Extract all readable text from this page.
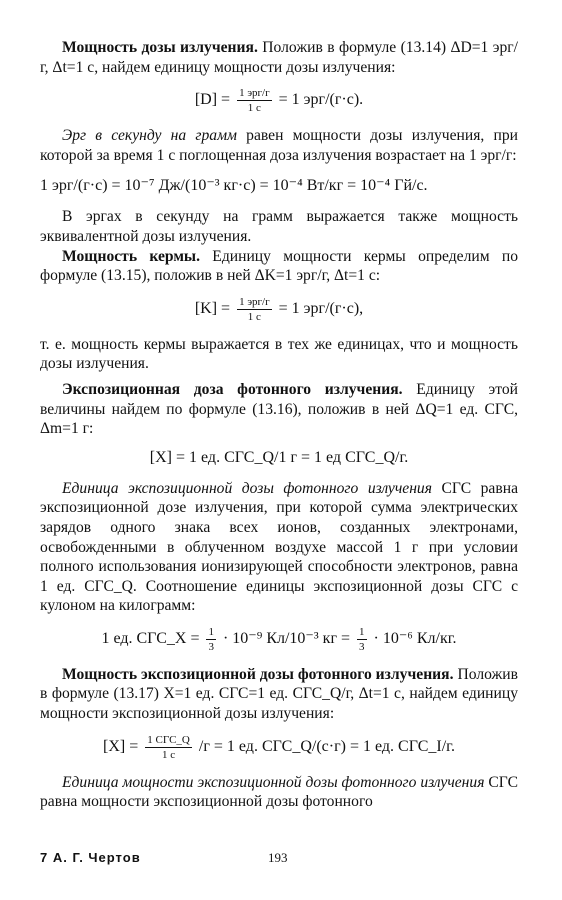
Мощность дозы излучения. Положив в формуле (13.14) ΔD=1 эрг/г, Δt=1 с, найдем единицу мощности дозы излучения:

$[D] = \frac{\text{1 эрг/г}}{1 с} = 1$ эрг/(г·с).

Эрг в секунду на грамм равен мощности дозы излучения, при которой за время 1 с поглощенная доза излучения возрастает на 1 эрг/г:

1 эрг/(г·с) = 10⁻⁷ Дж/(10⁻³ кг·с) = 10⁻⁴ Вт/кг = 10⁻⁴ Гй/с.

В эргах в секунду на грамм выражается также мощность эквивалентной дозы излучения.

Мощность кермы. Единицу мощности кермы определим по формуле (13.15), положив в ней ΔK=1 эрг/г, Δt=1 с:

$[K] = \frac{\text{1 эрг/г}}{1 с} = 1$ эрг/(г·с),

т. е. мощность кермы выражается в тех же единицах, что и мощность дозы излучения.

Экспозиционная доза фотонного излучения. Единицу этой величины найдем по формуле (13.16), положив в ней ΔQ=1 ед. СГС, Δm=1 г:

[X] = 1 ед. СГС_Q/1 г = 1 ед СГС_Q/г.

Единица экспозиционной дозы фотонного излучения СГС равна экспозиционной дозе излучения, при которой сумма электрических зарядов одного знака всех ионов, созданных электронами, освобожденными в облученном воздухе массой 1 г при условии полного использования ионизирующей способности электронов, равна 1 ед. СГС_Q. Соотношение единицы экспозиционной дозы СГС с кулоном на килограмм:

1 ед. СГС_X = $\frac{1}{3} \cdot 10^{-9}$ Кл/10⁻³ кг = $\frac{1}{3} \cdot 10^{-6}$ Кл/кг.

Мощность экспозиционной дозы фотонного излучения. Положив в формуле (13.17) X=1 ед. СГС=1 ед. СГС_Q/г, Δt=1 с, найдем единицу мощности экспозиционной дозы излучения:

$[X] = \frac{\text{1 СГС\_Q}}{1 с} /г = 1$ ед. СГС_Q/(с·г) = 1 ед. СГС_I/г.

Единица мощности экспозиционной дозы фотонного излучения СГС равна мощности экспозиционной дозы фотонного

7 А. Г. Чертов	193
